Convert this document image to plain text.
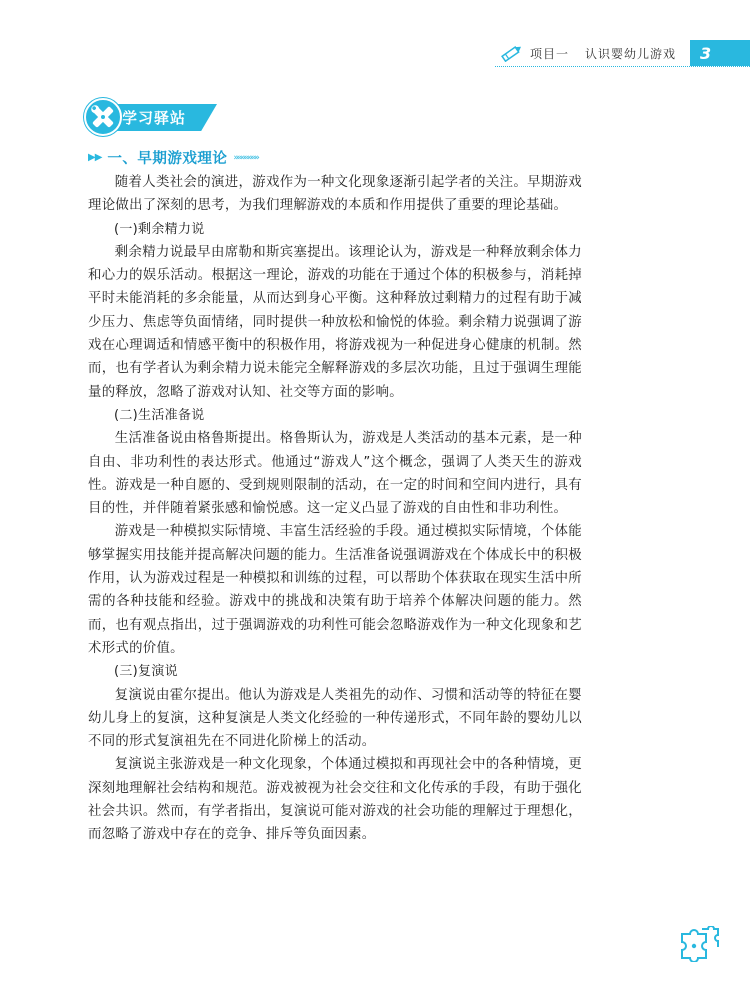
项目一 认识婴幼儿游戏	3
学习驿站
▶▶ 一、早期游戏理论 »»»»»»»

随着人类社会的演进，游戏作为一种文化现象逐渐引起学者的关注。早期游戏理论做出了深刻的思考，为我们理解游戏的本质和作用提供了重要的理论基础。

(一)剩余精力说

剩余精力说最早由席勒和斯宾塞提出。该理论认为，游戏是一种释放剩余体力和心力的娱乐活动。根据这一理论，游戏的功能在于通过个体的积极参与，消耗掉平时未能消耗的多余能量，从而达到身心平衡。这种释放过剩精力的过程有助于减少压力、焦虑等负面情绪，同时提供一种放松和愉悦的体验。剩余精力说强调了游戏在心理调适和情感平衡中的积极作用，将游戏视为一种促进身心健康的机制。然而，也有学者认为剩余精力说未能完全解释游戏的多层次功能，且过于强调生理能量的释放，忽略了游戏对认知、社交等方面的影响。

(二)生活准备说

生活准备说由格鲁斯提出。格鲁斯认为，游戏是人类活动的基本元素，是一种自由、非功利性的表达形式。他通过“游戏人”这个概念，强调了人类天生的游戏性。游戏是一种自愿的、受到规则限制的活动，在一定的时间和空间内进行，具有目的性，并伴随着紧张感和愉悦感。这一定义凸显了游戏的自由性和非功利性。

游戏是一种模拟实际情境、丰富生活经验的手段。通过模拟实际情境，个体能够掌握实用技能并提高解决问题的能力。生活准备说强调游戏在个体成长中的积极作用，认为游戏过程是一种模拟和训练的过程，可以帮助个体获取在现实生活中所需的各种技能和经验。游戏中的挑战和决策有助于培养个体解决问题的能力。然而，也有观点指出，过于强调游戏的功利性可能会忽略游戏作为一种文化现象和艺术形式的价值。

(三)复演说

复演说由霍尔提出。他认为游戏是人类祖先的动作、习惯和活动等的特征在婴幼儿身上的复演，这种复演是人类文化经验的一种传递形式，不同年龄的婴幼儿以不同的形式复演祖先在不同进化阶梯上的活动。

复演说主张游戏是一种文化现象，个体通过模拟和再现社会中的各种情境，更深刻地理解社会结构和规范。游戏被视为社会交往和文化传承的手段，有助于强化社会共识。然而，有学者指出，复演说可能对游戏的社会功能的理解过于理想化，而忽略了游戏中存在的竞争、排斥等负面因素。
